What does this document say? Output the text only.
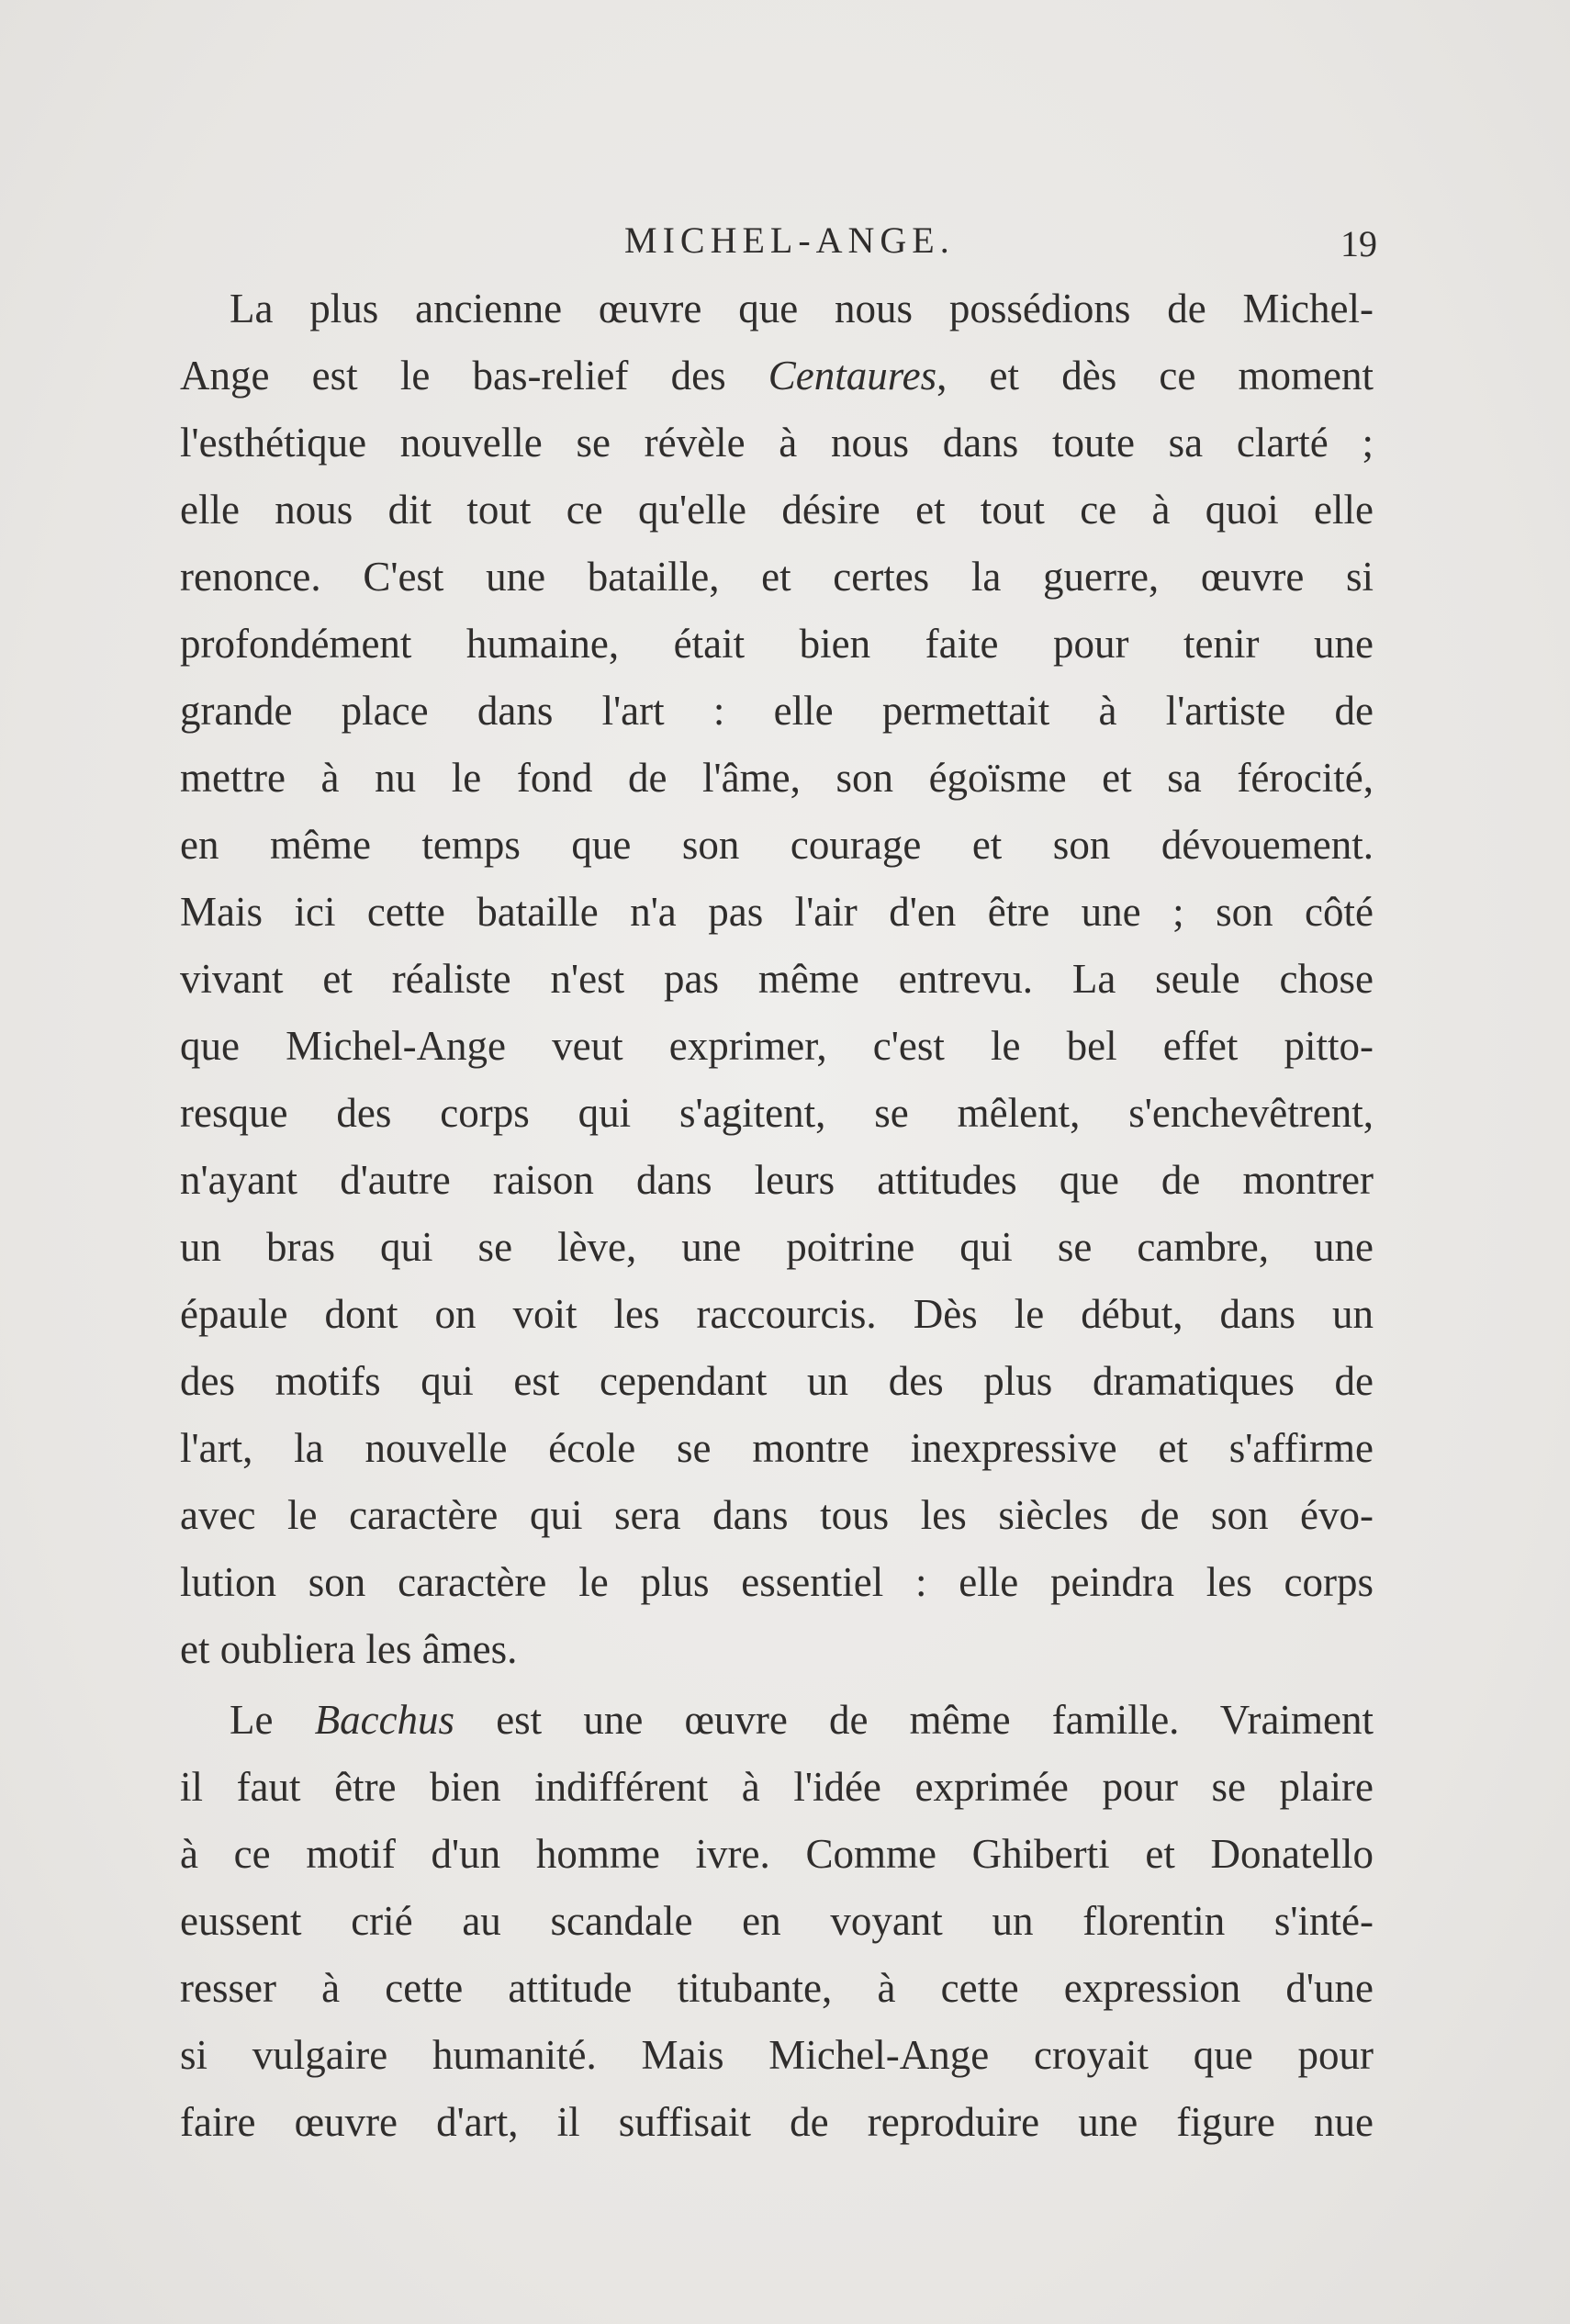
MICHEL-ANGE.	19
La plus ancienne œuvre que nous possédions de Michel-
Ange est le bas-relief des Centaures, et dès ce moment
l'esthétique nouvelle se révèle à nous dans toute sa clarté ;
elle nous dit tout ce qu'elle désire et tout ce à quoi elle
renonce. C'est une bataille, et certes la guerre, œuvre si
profondément humaine, était bien faite pour tenir une
grande place dans l'art : elle permettait à l'artiste de
mettre à nu le fond de l'âme, son égoïsme et sa férocité,
en même temps que son courage et son dévouement.
Mais ici cette bataille n'a pas l'air d'en être une ; son côté
vivant et réaliste n'est pas même entrevu. La seule chose
que Michel-Ange veut exprimer, c'est le bel effet pitto-
resque des corps qui s'agitent, se mêlent, s'enchevêtrent,
n'ayant d'autre raison dans leurs attitudes que de montrer
un bras qui se lève, une poitrine qui se cambre, une
épaule dont on voit les raccourcis. Dès le début, dans un
des motifs qui est cependant un des plus dramatiques de
l'art, la nouvelle école se montre inexpressive et s'affirme
avec le caractère qui sera dans tous les siècles de son évo-
lution son caractère le plus essentiel : elle peindra les corps
et oubliera les âmes.
Le Bacchus est une œuvre de même famille. Vraiment
il faut être bien indifférent à l'idée exprimée pour se plaire
à ce motif d'un homme ivre. Comme Ghiberti et Donatello
eussent crié au scandale en voyant un florentin s'inté-
resser à cette attitude titubante, à cette expression d'une
si vulgaire humanité. Mais Michel-Ange croyait que pour
faire œuvre d'art, il suffisait de reproduire une figure nue
